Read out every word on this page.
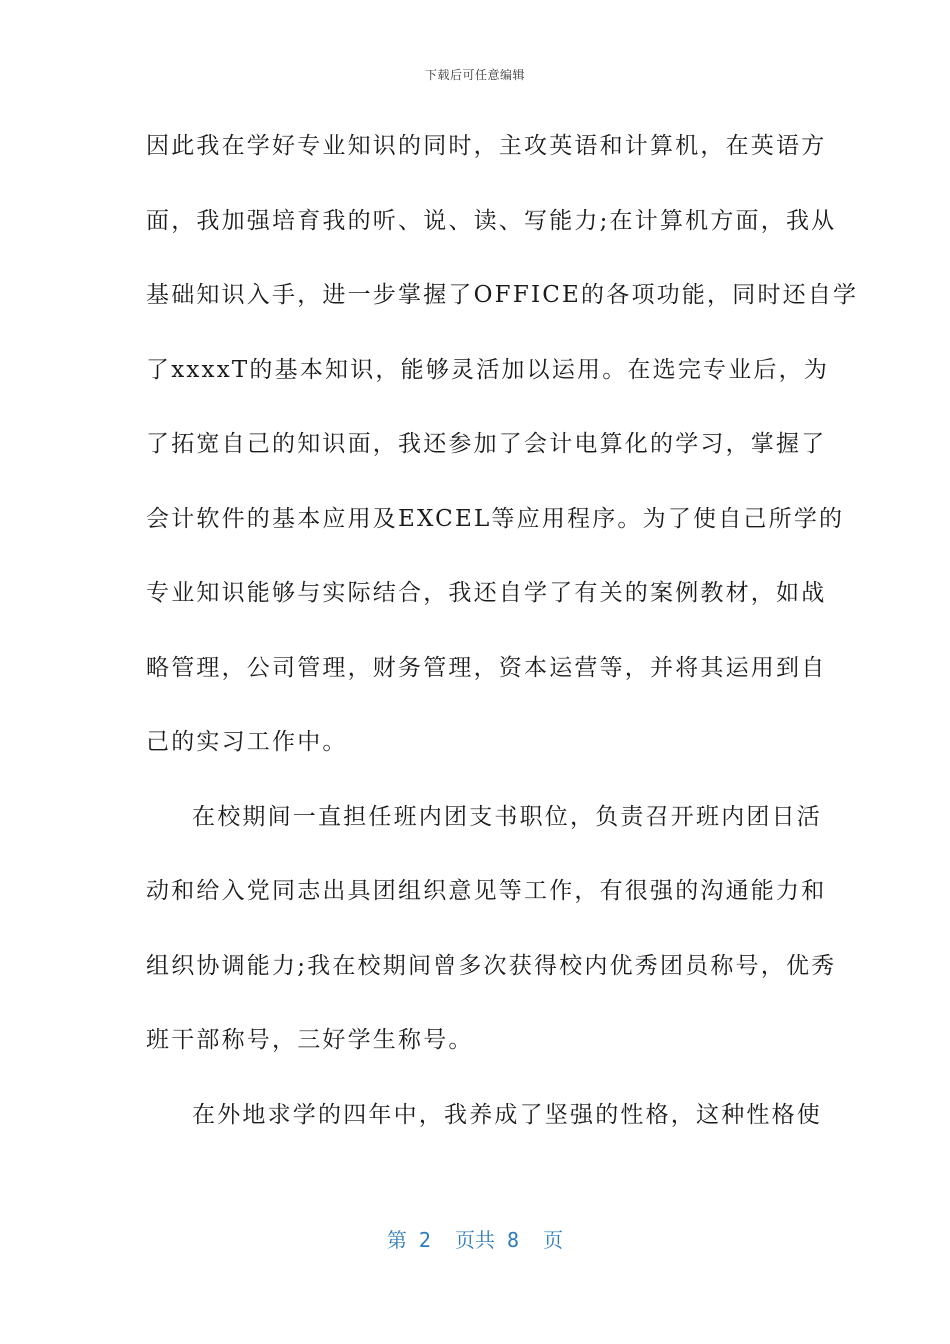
下载后可任意编辑
因此我在学好专业知识的同时，主攻英语和计算机，在英语方
面，我加强培育我的听、说、读、写能力;在计算机方面，我从
基础知识入手，进一步掌握了OFFICE的各项功能，同时还自学
了xxxxT的基本知识，能够灵活加以运用。在选完专业后，为
了拓宽自己的知识面，我还参加了会计电算化的学习，掌握了
会计软件的基本应用及EXCEL等应用程序。为了使自己所学的
专业知识能够与实际结合，我还自学了有关的案例教材，如战
略管理，公司管理，财务管理，资本运营等，并将其运用到自
己的实习工作中。
在校期间一直担任班内团支书职位，负责召开班内团日活
动和给入党同志出具团组织意见等工作，有很强的沟通能力和
组织协调能力;我在校期间曾多次获得校内优秀团员称号，优秀
班干部称号，三好学生称号。
在外地求学的四年中，我养成了坚强的性格，这种性格使
第 2  页共 8  页
